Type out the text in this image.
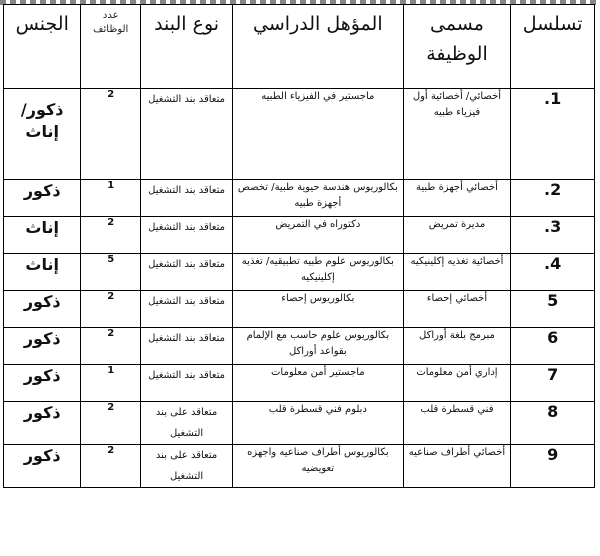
تسلسل	مسمى الوظيفة	المؤهل الدراسي	نوع البند	عدد الوظائف	الجنس
1.	أخصائي/ أخصائية أول فيزياء طبيه	ماجستير في الفيزياء الطبيه	متعاقد بند التشغيل	2	ذكور/ إناث
2.	أخصائي أجهزة طبية	بكالوريوس هندسة حيوية طبية/ تخصص أجهزة طبيه	متعاقد بند التشغيل	1	ذكور
3.	مديرة تمريض	دكتوراه في التمريض	متعاقد بند التشغيل	2	إناث
4.	أخصائية تغذيه إكلينيكيه	بكالوريوس علوم طبيه تطبيقيه/ تغذيه إكلينيكيه	متعاقد بند التشغيل	5	إناث
5	أخصائي إحصاء	بكالوريوس إحصاء	متعاقد بند التشغيل	2	ذكور
6	مبرمج بلغة أوراكل	بكالوريوس علوم حاسب مع الإلمام بقواعد أوراكل	متعاقد بند التشغيل	2	ذكور
7	إداري أمن معلومات	ماجستير أمن معلومات	متعاقد بند التشغيل	1	ذكور
8	فني قسطرة قلب	دبلوم فني قسطرة قلب	متعاقد على بند التشغيل	2	ذكور
9	أخصائي أطراف صناعيه	بكالوريوس أطراف صناعيه واجهزه تعويضيه	متعاقد على بند التشغيل	2	ذكور
